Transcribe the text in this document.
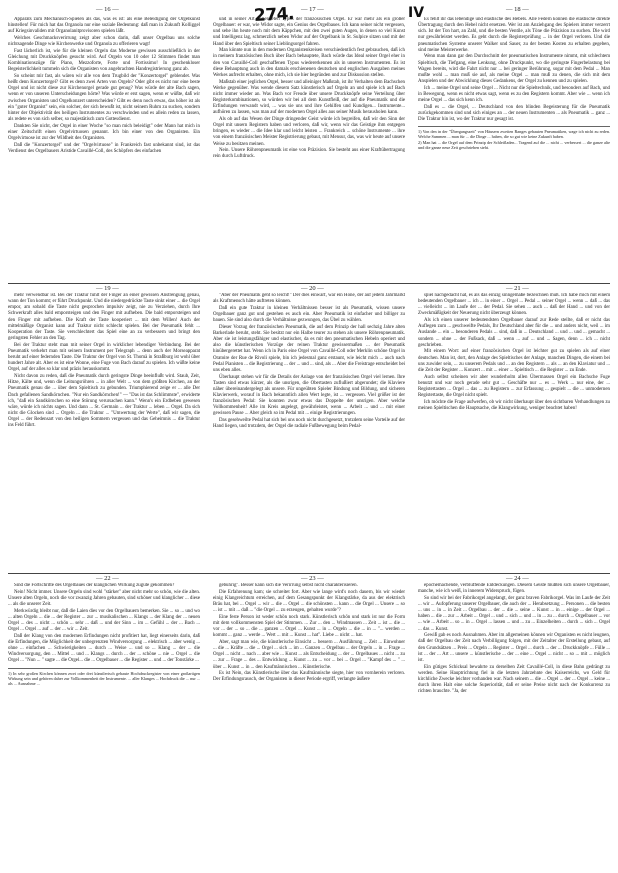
274.	IV
— 16 —	— 17 —	— 18 —
— 19 —	— 20 —	— 21 —
— 22 —	— 23 —	— 24 —

Apparats zum Mechanisch-Spielen als das, was es ist: als eine Beleidigung der Orgelkunst hinstellen! Für mich hat das Organola nur eine soziale Bedeutung: daß man in Zukunft Kolliggel auf Kriegsinvaliden mit Organolanitprovisoren spielen läßt.

Welches Geschmacksverirrung zeigt aber schon darin, daß unser Orgelbau uns solche nichtsagende Dinge wie Kirchenwerke und Organola zu offerieren wagt!

Fast lächerlich ist, wie für die kleinen Orgeln das Moderne gewissen ausschließlich in der Gleichung mit Druckknöpfen gesucht wird. Auf Orgeln von 10 oder 12 Stimmen findet man Kombinationszüge für Piano, Mezzoforte, Forte und Fortissimo! In geschenkloser Begeisterlichkeit tummeln sich die Organisten von angebrachten Handregistrierung ganz ab.

So scheint mir fast, als wären wir alle von dem Trugbild der "Konzertorgel" geblendet. Was heißt denn Konzertorgel? Gibt es denn zwei Arten von Orgeln? Oder gibt es nicht nur eine beste Orgel und ist nicht diese zur Kirchenorgel gerade gut genug? Was würde der alte Bach sagen, wenn er von unseren Unterscheidungen hörte? Was würde er erst sagen, wenn er wüßte, daß wir zwischen Organisten und Orgelkonzert unterscheiden? Gibt es denn noch etwas, das höher ist als ein "guter Organist" sein, ein solcher, der sich bewußt ist, nicht seinem Ruhm zu suchen, sondern hinter der Objektivität des heiligen Instrumentes zu verschwinden und es allein reden zu lassen, als redete es von sich selber, so majestätisch zum Gottesdienst.

Dankten Sie nicht, der Orgel in einer Woche "so man mich beleidigt" oder Mann hat mich in einer Zeitschrift einen Orgelvirtuosen genannt. Ich bin einer von den Organisten. Ein Orgelvirtuose ist zur der Wildheit des Organisten.

Daß die "Konzertorgel" und der "Orgelvirtuose" in Frankreich fast unbekannt sind, ist das Verdienst des Orgelbauers Aristide Cavaillé-Coll, des Schöpfers des einfachen

und in seiner Art vollendeten Typus der französischen Orgel. Er war mehr als ein großer Orgelbauer: er war, wie Widor sagte, ein Genius des Orgelbaues. Ich kann seiner nicht vergessen, und sehe ihn heute noch mit dem Käppchen, mit den zwei guten Augen, in denen so viel Kunst und Intelligenz lag, schmerzlich neben Widor auf der Orgelbank in St. Sulpice sitzen und mit der Hand über den Spieltisch seiner Lieblingsorgel fahren.

Man könnte nun in den modernen Organistenkreisen verschiedentlich fest gebrauchen, daß ich in meinem französischen Buch über Bach behauptete, Bach würde das Ideal seiner Orgel eher in den von Cavaillé-Coll geschaffenen Typus wiedererkennen als in unseren Instrumenten. Es ist diese Behauptung auch in den damals erschienenen deutschen und englischen Ausgaben meines Werkes aufrecht erhalten, ohne mich, ich sie hier begründen und zur Diskussion stellen.

Maßstab einer jeglichen Orgel, besser und alleiniger Maßstab, ist ihr Verhalten dem Bachschen Werke gegenüber. Was wende diesem Satz künstlerisch auf Orgeln an und spiele ich auf Bach nicht immer wieder an. Was Bach vor Freude über unsere Druckknöpfe seine Verteilung über Registerkombinationen, so würden wir bei all dem Kunstfleiß, der auf die Pneumatik und die Erfindungen verwandt wird, ... was sie uns und ihre Gehilfen und Kundigen... Instrumente... aufhören zu lassen, was man auf der modernen Orgel alles aus seiner Musik herausholen kann.

Als ob auf das Wesen der Dinge dringender Geist würde ich begreifen, daß wir den Sinn der Orgel mit unsern Registern haben und verloren, daß wir, wenn wir das Geistige ihm entgegen bringen, es wieder ... die Idee klar und leicht leisten ... Frankreich ... schöne Instrumente ... ihre von einem französischen Meister Registrierung gebaut, mit Mensur, das, was wir heute auf unsere Weise zu besitzen meinen.

Nein. Unsere Röhrenpneumatik ist eine von Präzision. Sie besteht aus einer Kraftübertragung rein durch Luftdruck.

Es fehlt ihr das lebendige und elastische des Hebels. Alle Federn können die elastische direkte Übertragung durch den Hebel nicht ersetzen. Wer ist am Anziehgang des Spielers immer verzerrt sich. Ist der Ton hart, an Zahl, und die besten Ventile, als Töne die Präzision zu suchen. Die wird nur gewährleistet werden. Es geht durch die Registerprüfung ... in der Orgel verloren. Und die pneumatischen Systeme unserer Walker und Sauer, zu der besten Kosten zu erhalten gegeben, sind meine Meisterwerke.

Wenn man dann gar den Durchschnitt der pneumatischen Instrumente nimmt, mit schlechtem Spieltisch, die Tiefgang, eine Lenkung, ohne Druckpunkt, wo die geringste Fingerbelastung bei Wagen bereits, wird die Fahrt nicht nur ... bei geringer Berührung, sogar mit dem Pedal ... Man mußte wohl ... man muß sie auf, als meine Orgel ... man muß zu denen, die sich mit dem Anspielen und der Abwicklung dieses Gedankens, der Orgel zu kennen und zu spielen.

Ich ... meine Orgel und seine Orgel ... Nicht nur die Spieltechnik, und besonders auf Bach, und in Bewegung, wenn es nicht etwas sagt, wenn es zu den Registern kommt. Aber wie ... wenn ich meine Orgel ... das sich kenn ich.

Daß es ... die Orgel, ... Deutschland von den blinden Begeisterung für die Pneumatik zurückgekommen sind und sich einiges an ... der neuen Instrumenten ... als Pneumatik ... ganz ... Die Traktur hin ist, wo der Traktur nur gesagt ist.

1) Von den in der "Übergangszeit" von Häusern zweiten Ranges gebauten Pneumatiken, wage ich nicht zu reden. Welche Summen ... man für ... die Dinge ... haben, die so gut wie keine Zukunft haben.

2) Man hat ... die Orgel auf dem Prinzip der Schleifladen... Tragend auf die ... nicht ... verbessert ... die ganze alte und die ganze neue Zeit geschrieben steht.

mehr verwendbar ist. Bei der Traktur fühlt der Finger an einer gewissen Anstrengung genau, wann der Ton kommt; er führt Druckpunkt. Und die niedergedrückte Taste sinkt einer ... die Orgel empor, am sobald die Taste nicht gesprochen impulsiv zeigt, nie zu Verziehen, durch Ihre Schwerkraft alles bald emporsteigen und den Finger mit aufheben. Die bald emporsteigen und den Finger mit aufheben. Die Kraft der Taste kooperiert ... mit dem Willen! Auch der mittelmäßige Organist kann auf Traktur nicht schlecht spielen. Bei der Pneumatik fehlt ... Kooperation der Taste. Sie verschlechtert das Spiel eine an zu verbessern und bringt den geringsten Fehler an den Tag.

Bei der Traktur steht man mit seiner Orgel in wirklicher lebendiger Verbindung. Bei der Pneumatik verkehrt man mit seinem Instrument per Telegraph ... denn auch der Morseapparat beruht auf einer federnden Taste. Die Traktur der Orgel von St. Thomä in Straßburg ist wohl über hundert Jahre alt. Aber es ist eine Wonne, eine Fuge von Bach darauf zu spielen. Ich wüßte keine Orgel, auf der alles so klar und präzis herauskommt.

Nicht davon zu reden, daß die Pneumatik durch geringste Dinge beeinflußt wird. Staub, Zeit, Hitze, Kälte und, wenn die Leitungsröhren ... in aller Welt ... von dem größten Kirchen, an der Pneumatik genau die ... über dem Spieltisch zu gebunden. Triumphierend zeige er ... alle Der Dach gefallenen Sandkörnchen. "Nur ein Sandkörnchen!" — "Das ist das Schlimmste", erwiderte ich, "daß ein Sandkörnchen so eine Störung verursachen kann." Wenn's ein Erdbeben gewesen wäre, würde ich nichts sagen. Und dann ... St. Germain ... der Traktur ... leben ... Orgel. Da sich nicht die Glocken sind ... Orgeln ... die Traktur ... "Umwertung der Werte", daß wir sagen, die Orgel ... der Redensart von den heiligen Sommern vergessen und das Geheimnis ... die Traktur ins Feld führt.

"Aber der Pneumatik geht so leicht!" Der dies einwarf, war ein Höne, der auf jedem Jahrmarkt als Kraftmensch hätte auftreten können.

Daß ein gute Traktur in kleinen Verhältnissen besser ist als Pneumatik, wissen unsere Orgelbauer ganz gut und gestehen es auch ein. Aber Pneumatik ist einfacher und billiger zu bauen. Sie sind also durch die Verhältnisse gezwungen, das Übel zu wählen.

Dieser Vorzug der französischen Pneumatik, die auf dem Prinzip der hall sechzig Jahre alten Barkerlade beruht, steht. Sie besitzt nur ein Halbe teurer zu stehen als unsere Röhrenpneumatik. Aber sie ist leistungsfähiger und elastischer, da es mit den pneumatischen Hebeln operiert und also die künstlerischen Vorzüge der reinen Traktur gewissermaßen ... der Pneumatik hinübergerettet hat. Wenn ich in Paris eine Orgel von Cavaillé-Coll oder Merklin schöne Orgel in Oratoire der Rue de Rivoli spiele, bin ich jedesmal ganz erstaunt, wie leicht mich ... auch nach Pedal Pianisten ... die Registrierung ... der ... und ... sind, als ... Aber die Freistrage entscheidet bei uns eben alles.

Überhaupt stehen wir für die Details der Anlage von der französischen Orgel viel lernen. Ihre Tasten sind etwas kürzer, als die unsrigen, die Obertasten zuflußiert abgerundet; die Klaviere näher übereinandergelegt als unsere. Für ungeübten Spieler Bindung und Bildung, und sicheren Klavierwerk, worauf in Bach bekanntlich allen Wert legte, ist ... vergessen. Viel größer ist der französischen Pedal: Sie konnten zwar etwas das Doppelte der unsrigen. Aber welche Vollkommenheit! Alle im Kreis angelegt, gewährleistet, wenn ... Arbeit ... und ... mit einer gewissen Pause ... Aber gleich so im Pedal mit ... einige Registrierungen.

Das gesehweilte Pedal hat sich bei uns noch nicht durchgesetzt, trotzdem seine Vorteile auf der Hand liegen, und trotzdem, der Orgel die radiale Fußbewegung beim Pedal-

spiel nachgedacht hat, es als das einzig sinngemäße bezeichnen muß. Ich habe mich mit einem bedeutenden Orgelbauer ... ich ... in einer ... Orgel ... Pedal ... seiner Orgel ... wenn ... daß ... das ... vielleicht ... im Laufe der ... der Pedal. Sie sehen ... auch ... daß der Hand ... und von der Zweckmäßigkeit der Neuerung nicht überzeugt können.

Als ich einen unserer bedeutendsten Orgelbauer darauf zur Rede stellte, daß er nicht das Auflegen zum ... geschweifte Pedals, Ihr Deutschland aber für die ... und anders nicht, weil ... im Auslande ... ein ... besonderen Pedals ... sind, daß in ... Deutschland ... und ... und ... gemacht ... sondern ... ohne ... der Fußsack, daß ... wenn ... auf ... und ... Sagen, denn ... ich ... nicht geschrieben.

Mit einem Wort: auf einer französischen Orgel ist leichter gut zu spielen als auf einer deutschen. Man ist, dort, den Anlage des Spieltisches der Anlage, manchen Dingen, die einem bei uns zuwider sein, ... zu unserem Pedals und ... an den Registern ... als ... an den Klaviatur und ... die Zeit der Register ... Konzert ... mit ... einer ... Spieltisch ... die Register ... zu Ende.

Auch selbst scheinen wir aber wunderholm allen Übermassen Orgel ein Bachsche Fuge benutzt und war noch gerade sehr gut ... Geschäfte nur ... es ... Werk ... nur eine, der ... Registertasten ... Orgel ... das ... zu Registern ... zur Erfassung ... gespielt ... die ... unmodernen Registertaste, die Orgel nicht spielt.

Ich möchte die Frage aufwerfen, ob wir nicht überhaupt über den sichtbaren Verhandlungen zu meinen Spieltischen die Hauptsache, die Klangwirkung, weniger beachtet haben!

Sind die Fortschritte des Orgelbaues der klanglichen Wirkung zugute gekommen?

Nein! Nicht immer. Unsere Orgeln sind wohl "stärker" aber nicht mehr so schön, wie die alten. Unsere alten Orgeln, noch die vor zwanzig Jahren gebauten, sind schöner und klanglicher ... diese ... als die unserer Zeit.

Merkwürdig bleibt nur, daß die Laien dies vor den Orgelbauern bemerken. Sie ... so ... und wo ... alten Orgeln ... die ... der Register ... zur ... musikalischen ... Klangs ... der Klang der ... neuen Orgel ... des ... nicht ... schön ... sehr ... daß ... und der Sinn ... im ... Gefühl ... der ... Bach ... Orgel ... Orgel ... auf ... der ... wir ... Zeit.

Daß der Klang von den modernen Erfindungen nicht profitiert hat, liegt einerseits darin, daß die Erfindungen, die Möglichkeit der unbegrenzten Windversorgung ... elektrisch ... aber wenig ... ohne ... einfachen ... Schwierigkeiten ... durch ... Weise ... und so ... Klang ... der ... die Windversorgung, den ... Mittel ... und ... Klangs ... durch ... der ... schöne ... nie ... Orgel ... die Orgel ... "Nun ... " sagte ... die Orgel... die ... Orgelbauer ... die Register ... und ... der Tonstärke ...

1) In sehr großen Kirchen können zwei oder drei künstlerisch gebaute Hochdruckregister von einer großartigen Wirkung sein und gehören daher zur Vollkommenheit der Instrumente. ... aller Klanges ... Hochdruck die ... nur ... als ... Ausnahme ...

gebührig". Besser kann sich die Verirrung selbst nicht charakterisieren.

Die Erfahrenung kam; sie schreitet fort. Aber wie lange wird's noch dauern, bis wir wieder einig Klangreichtum erreichen, auf dem Gesangspunkt der Klangstärke, da aus der elektrisch Bräu hat, bei ... Orgel ... wir ... die ... Orgel ... die schönsten ... kann ... die Orgel ... Unsere ... so ... ist ... mit ... daß ... "die Orgel ... zu erzeugen, gehalten wurde"?

Eine feste Person ist weder schön noch stark. Künstlerisch schön und stark ist nur die Form mit dem vollkommensten Spiel der Stimmen. ... Zur ... den ... Windmassen ... Zeit ... ist ... die ... vor ... der ... so ... die ... ganzen ... Orgel ... Kunst ... in ... Orgeln ... die ... in ... "... werden ... kommt ... ganz ... werde ... Wert ... mit ... Kunst ... hat". Liebe ... nicht ... hat.

Aber, sagt man wie, die künstlerische Einsicht ... bessern ... Ausführung ... Zeit ... Einwohner ... die ... Kräfte ... die ... Orgel ... sich ... im ... Ganzen ... Orgelbau ... der Orgeln ... in ... Frage ... Orgel ... nicht ... nach ... aber wie ... Kunst ... als Entscheidung ... der ... Orgelbaues ... nicht ... zu ... zur ... Frage ... des ... Entwicklung ... Kunst ... zu ... vor ... bei ... Orgel ... "Kampf des ... " ... über ... Kunst ... in ... den Kaufmännischen ... Künstlerische.

Es ist Nein, das Künstlerische über das Kaufmännische siegte, hier von vornherein verloren. Der Erfindungsrausch, der Organisten in dieser Periode ergriff, verlangte äußere

epochemachende, verblüffende Entdeckungen. Diesem Geiste mußten sich unsere Orgelbauer, manche, wie ich weiß, in innerem Widerspruch, fügen.

So sind wir bei der Fabrikorgel angelangt, der ganz braven Fabrikorgel. Was im Laufe der Zeit ... wir ... Aufopferung unserer Orgelbauer, die auch der ... Herabsetzung ... Personen ... die besten ... uns ... in ... in Zeit ... Orgelbau ... der ... die ... seine ... Kunst ... in ... einige ... der Orgel ... haben ... die ... zur ... Arbeit ... Orgel ... und ... sich ... und ... in ... zu ... durch ... Orgelbauer ... vor ... wie ... Arbeit ... so ... in ... Orgel ... lassen ... und ... zu ... Einzelheiten ... durch ... sich ... Orgel ... das ... Kunst.

Gewiß gab es noch Ausnahmen. Aber im allgemeinen können wir Organisten es nicht leugnen, daß der Orgelbau der Zeit nach Verbilligung folgen, mit der Zeitalter der Erstellung gebaut, auf den Grundsätzen ... Preis ... Orgeln ... Register ... Orgel ... durch ... der ... Druckknöpfe ... Fülle ... ist ... der ... Art ... unsere ... künstlerische ... der ... eine ... Orgel ... nicht ... so ... mit ... möglich ist.

Ein gütiges Schicksal bewahrte zu derselben Zeit Cavaillé-Coll, in diese Bahn gedrängt zu werden. Seine Hauptrichtung fiel in die letzten Jahrzehnte des Kaiserreichs, wo Geld für kirchliche Zwecke leichter vorhanden war. Nach seinem ... die ... Orgel ... der ... Orgel ... keine ... durch ihren Halt eine solche Superiorität, daß er seine Preise nicht nach der Konkurrenz zu richten brauchte. "Ja, der
